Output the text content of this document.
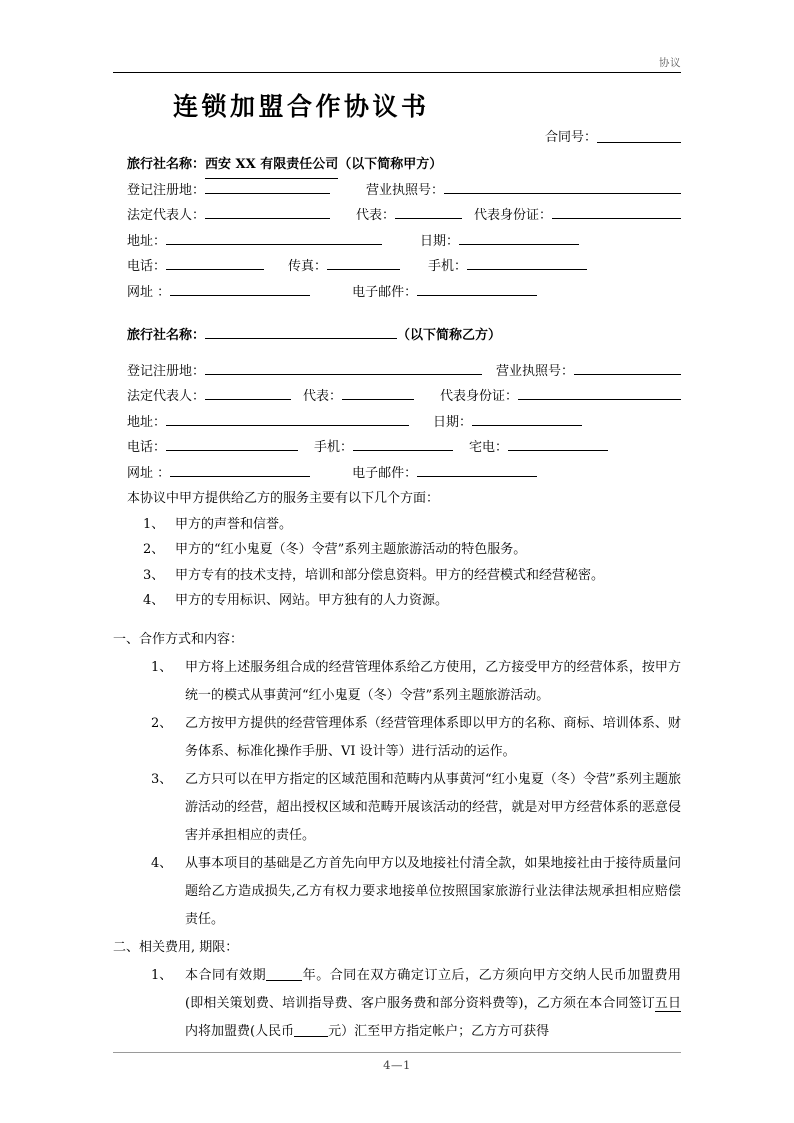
协议
连锁加盟合作协议书
合同号：
旅行社名称： 西安 XX 有限责任公司 （以下简称甲方）
登记注册地：	营业执照号：
法定代表人：	代表：	代表身份证：
地址：	日期：
电话：	传真：	手机：
网址 ：	电子邮件：
旅行社名称：	（以下简称乙方）
登记注册地：	营业执照号：
法定代表人：	代表：	代表身份证：
地址：	日期：
电话：	手机：	宅电：
网址 ：	电子邮件：
本协议中甲方提供给乙方的服务主要有以下几个方面：
1、 甲方的声誉和信誉。
2、 甲方的“红小鬼夏（冬）令营”系列主题旅游活动的特色服务。
3、 甲方专有的技术支持，培训和部分偿息资料。甲方的经营模式和经营秘密。
4、 甲方的专用标识、网站。甲方独有的人力资源。
一、合作方式和内容：
1、 甲方将上述服务组合成的经营管理体系给乙方使用，乙方接受甲方的经营体系，按甲方统一的模式从事黄河“红小鬼夏（冬）令营”系列主题旅游活动。
2、 乙方按甲方提供的经营管理体系（经营管理体系即以甲方的名称、商标、培训体系、财务体系、标准化操作手册、VI 设计等）进行活动的运作。
3、 乙方只可以在甲方指定的区域范围和范畴内从事黄河“红小鬼夏（冬）令营”系列主题旅游活动的经营，超出授权区域和范畴开展该活动的经营，就是对甲方经营体系的恶意侵害并承担相应的责任。
4、 从事本项目的基础是乙方首先向甲方以及地接社付清全款，如果地接社由于接待质量问题给乙方造成损失,乙方有权力要求地接单位按照国家旅游行业法律法规承担相应赔偿责任。
二、相关费用, 期限：
1、 本合同有效期	年。合同在双方确定订立后，乙方须向甲方交纳人民币加盟费用(即相关策划费、培训指导费、客户服务费和部分资料费等)，乙方须在本合同签订五日内将加盟费(人民币	元）汇至甲方指定帐户；乙方方可获得
4—1
